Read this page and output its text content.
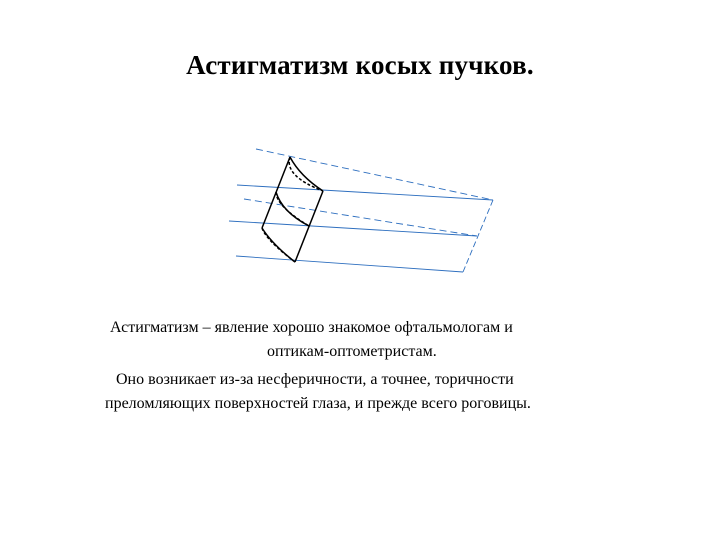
Астигматизм косых пучков.

Астигматизм – явление хорошо знакомое офтальмологам и
оптикам-оптометристам.

Оно возникает из-за несферичности, а точнее, торичности
преломляющих поверхностей глаза, и прежде всего роговицы.
